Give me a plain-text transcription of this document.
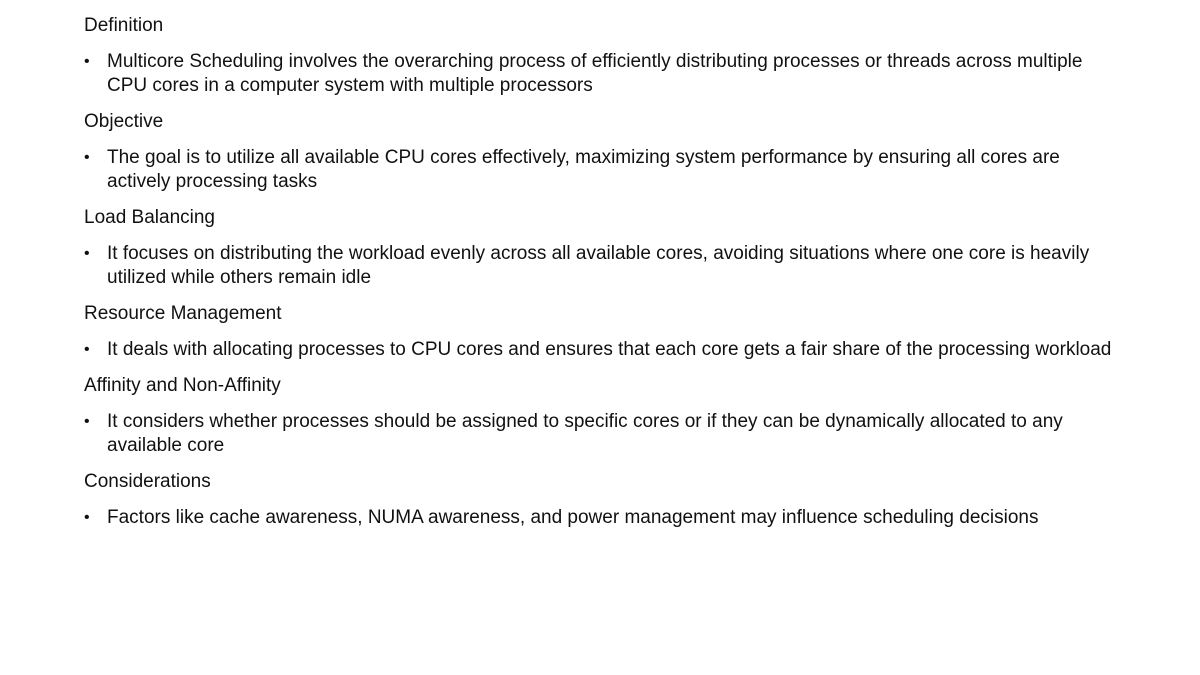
Definition
• Multicore Scheduling involves the overarching process of efficiently distributing processes or threads across multiple CPU cores in a computer system with multiple processors
Objective
• The goal is to utilize all available CPU cores effectively, maximizing system performance by ensuring all cores are actively processing tasks
Load Balancing
• It focuses on distributing the workload evenly across all available cores, avoiding situations where one core is heavily utilized while others remain idle
Resource Management
• It deals with allocating processes to CPU cores and ensures that each core gets a fair share of the processing workload
Affinity and Non-Affinity
• It considers whether processes should be assigned to specific cores or if they can be dynamically allocated to any available core
Considerations
• Factors like cache awareness, NUMA awareness, and power management may influence scheduling decisions
